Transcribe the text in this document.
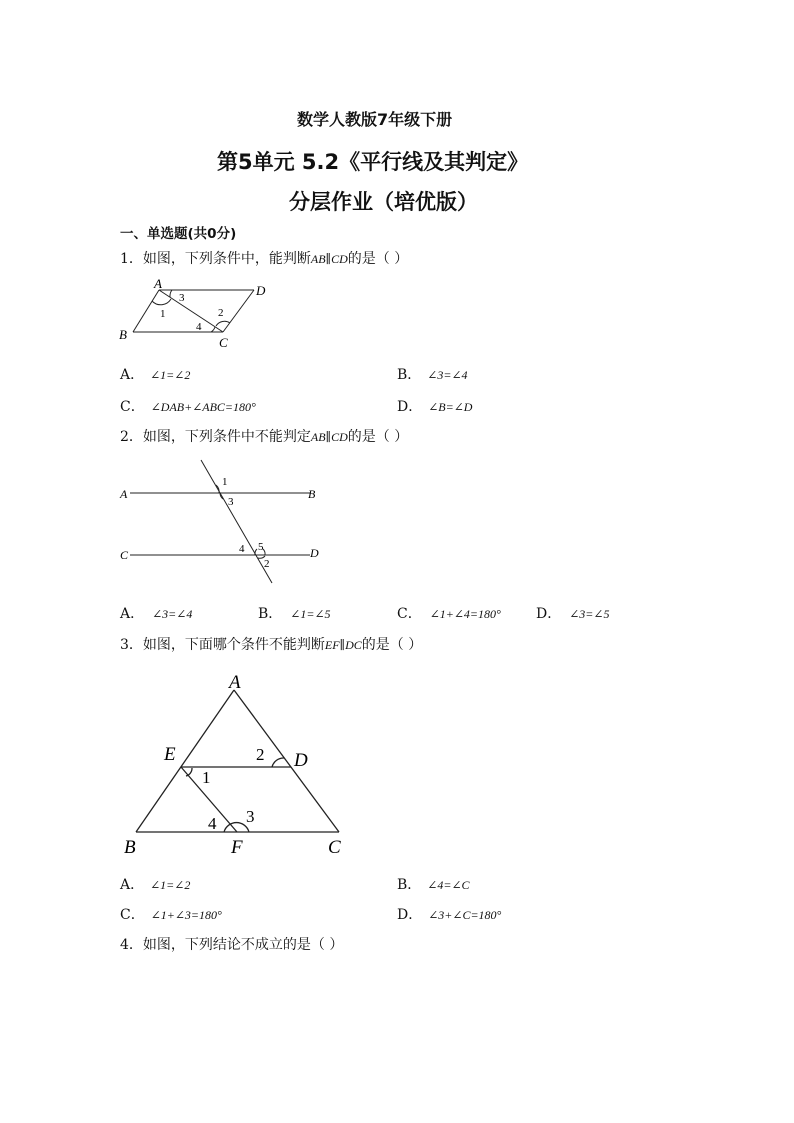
数学人教版7年级下册
第5单元 5.2《平行线及其判定》
分层作业（培优版）
一、单选题(共0分)
1．如图，下列条件中，能判断AB∥CD的是（ ）
A	D
B
C
1
3
2
4
A． ∠1=∠2	B． ∠3=∠4
C． ∠DAB+∠ABC=180°	D． ∠B=∠D
2．如图，下列条件中不能判定AB∥CD的是（ ）
A	B
C	D
1
3
4 5
2
A． ∠3=∠4	B． ∠1=∠5	C． ∠1+∠4=180°	D． ∠3=∠5
3．如图，下面哪个条件不能判断EF∥DC的是（ ）
A
E	D
B	F	C
1
2
3
4
A． ∠1=∠2	B． ∠4=∠C
C． ∠1+∠3=180°	D． ∠3+∠C=180°
4．如图，下列结论不成立的是（ ）
